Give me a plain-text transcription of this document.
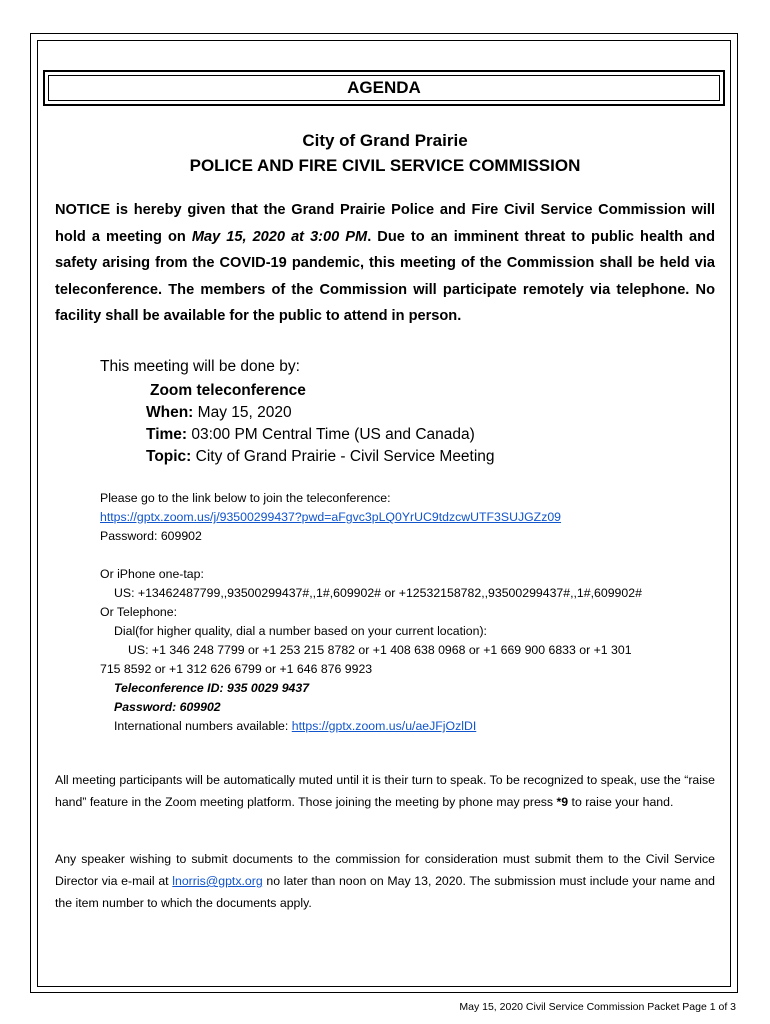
AGENDA
City of Grand Prairie
POLICE AND FIRE CIVIL SERVICE COMMISSION
NOTICE is hereby given that the Grand Prairie Police and Fire Civil Service Commission will hold a meeting on May 15, 2020 at 3:00 PM. Due to an imminent threat to public health and safety arising from the COVID-19 pandemic, this meeting of the Commission shall be held via teleconference. The members of the Commission will participate remotely via telephone. No facility shall be available for the public to attend in person.
This meeting will be done by:
Zoom teleconference
When: May 15, 2020
Time: 03:00 PM Central Time (US and Canada)
Topic: City of Grand Prairie - Civil Service Meeting
Please go to the link below to join the teleconference:
https://gptx.zoom.us/j/93500299437?pwd=aFgvc3pLQ0YrUC9tdzcwUTF3SUJGZz09
Password: 609902
Or iPhone one-tap:
US: +13462487799,,93500299437#,,1#,609902# or +12532158782,,93500299437#,,1#,609902#
Or Telephone:
Dial(for higher quality, dial a number based on your current location):
US: +1 346 248 7799 or +1 253 215 8782 or +1 408 638 0968 or +1 669 900 6833 or +1 301
715 8592 or +1 312 626 6799 or +1 646 876 9923
Teleconference ID: 935 0029 9437
Password: 609902
International numbers available: https://gptx.zoom.us/u/aeJFjOzlDI
All meeting participants will be automatically muted until it is their turn to speak. To be recognized to speak, use the “raise hand” feature in the Zoom meeting platform. Those joining the meeting by phone may press *9 to raise your hand.
Any speaker wishing to submit documents to the commission for consideration must submit them to the Civil Service Director via e-mail at lnorris@gptx.org no later than noon on May 13, 2020. The submission must include your name and the item number to which the documents apply.
May 15, 2020 Civil Service Commission Packet Page 1 of 3
